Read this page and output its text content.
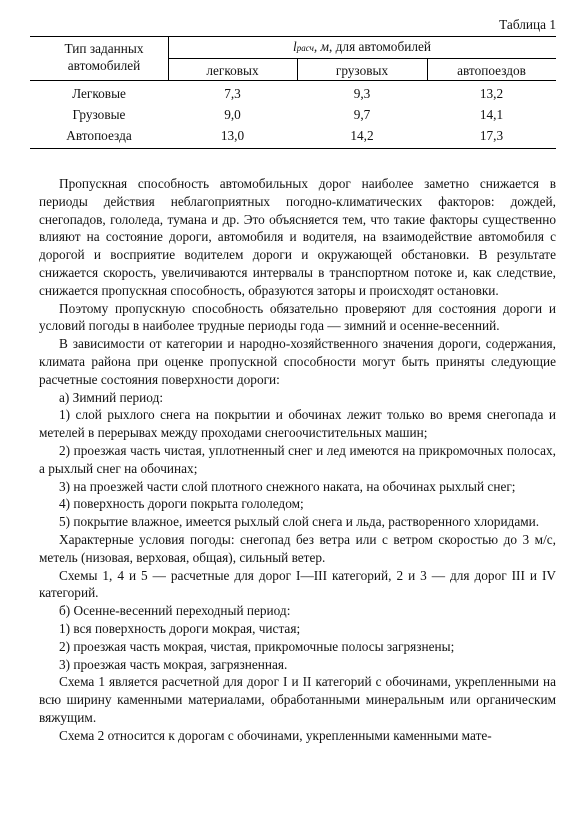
Таблица 1
Тип заданных автомобилей
lрасч, м, для автомобилей
легковых	грузовых	автопоездов
Легковые	7,3	9,3	13,2
Грузовые	9,0	9,7	14,1
Автопоезда	13,0	14,2	17,3

Пропускная способность автомобильных дорог наиболее заметно снижается в периоды действия неблагоприятных погодно-климатических факторов: дождей, снегопадов, гололеда, тумана и др. Это объясняется тем, что такие факторы существенно влияют на состояние дороги, автомобиля и водителя, на взаимодействие автомобиля с дорогой и восприятие водителем дороги и окружающей обстановки. В результате снижается скорость, увеличиваются интервалы в транспортном потоке и, как следствие, снижается пропускная способность, образуются заторы и происходят остановки.

Поэтому пропускную способность обязательно проверяют для состояния дороги и условий погоды в наиболее трудные периоды года — зимний и осенне-весенний.

В зависимости от категории и народно-хозяйственного значения дороги, содержания, климата района при оценке пропускной способности могут быть приняты следующие расчетные состояния поверхности дороги:

а) Зимний период:

1) слой рыхлого снега на покрытии и обочинах лежит только во время снегопада и метелей в перерывах между проходами снегоочистительных машин;

2) проезжая часть чистая, уплотненный снег и лед имеются на прикромочных полосах, а рыхлый снег на обочинах;

3) на проезжей части слой плотного снежного наката, на обочинах рыхлый снег;

4) поверхность дороги покрыта гололедом;

5) покрытие влажное, имеется рыхлый слой снега и льда, растворенного хлоридами.

Характерные условия погоды: снегопад без ветра или с ветром скоростью до 3 м/с, метель (низовая, верховая, общая), сильный ветер.

Схемы 1, 4 и 5 — расчетные для дорог I—III категорий, 2 и 3 — для дорог III и IV категорий.

б) Осенне-весенний переходный период:

1) вся поверхность дороги мокрая, чистая;

2) проезжая часть мокрая, чистая, прикромочные полосы загрязнены;

3) проезжая часть мокрая, загрязненная.

Схема 1 является расчетной для дорог I и II категорий с обочинами, укрепленными на всю ширину каменными материалами, обработанными минеральным или органическим вяжущим.

Схема 2 относится к дорогам с обочинами, укрепленными каменными мате-
